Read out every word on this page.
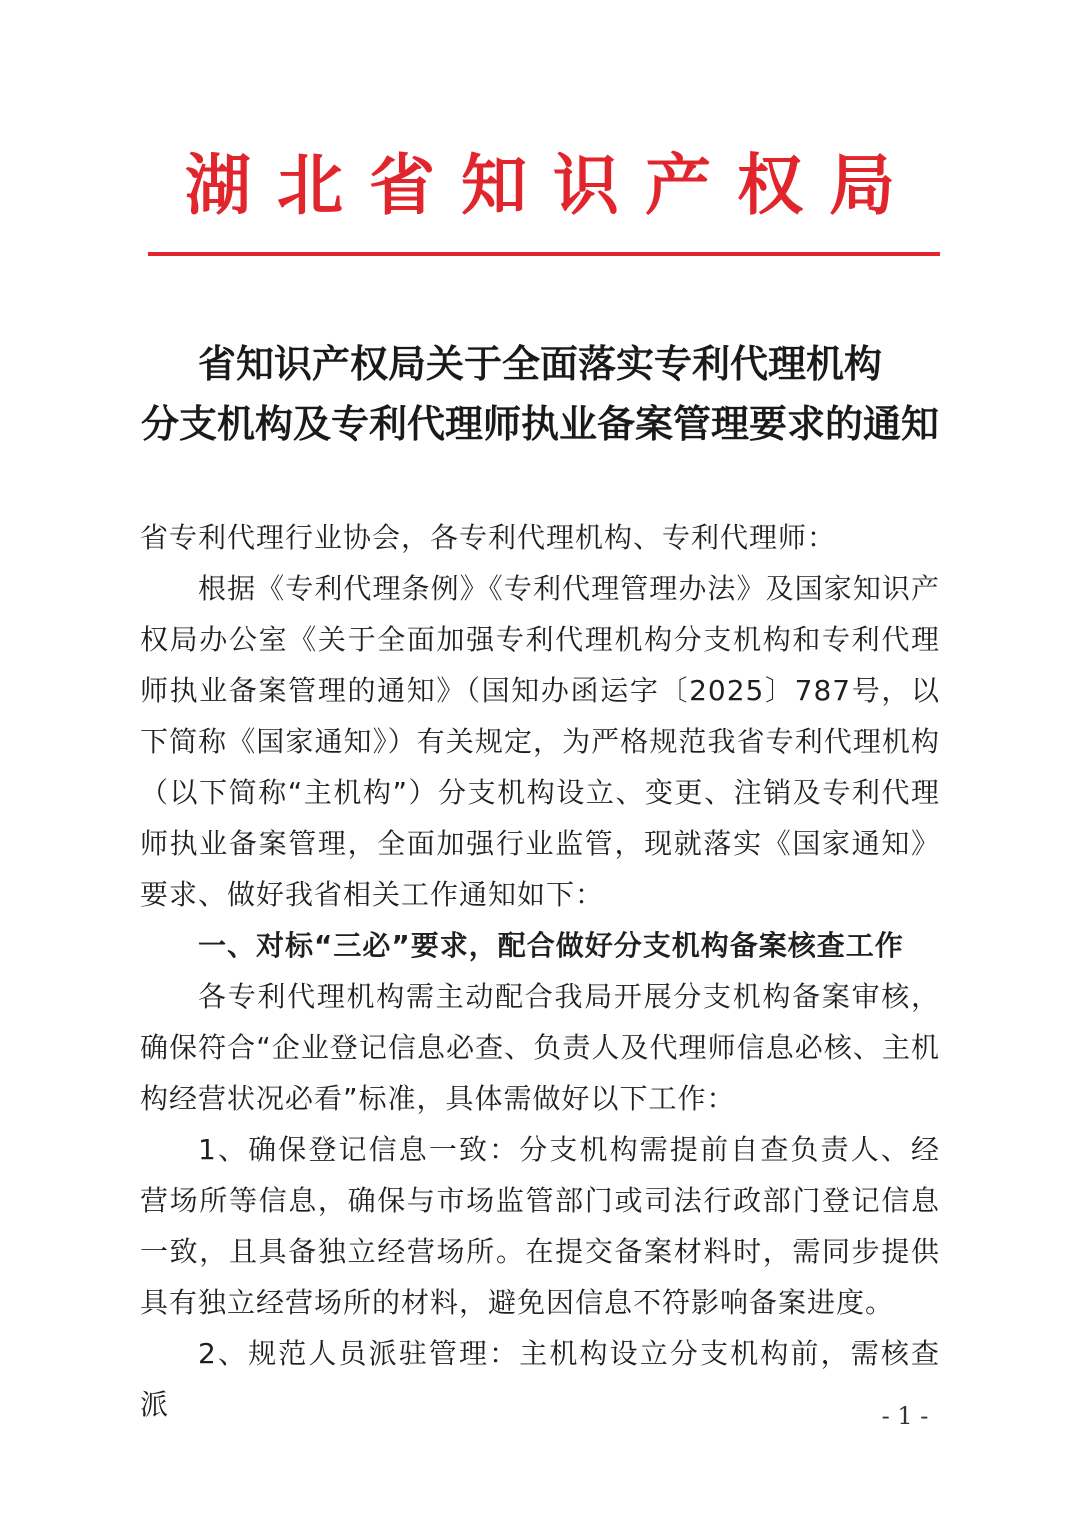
湖北省知识产权局
省知识产权局关于全面落实专利代理机构
分支机构及专利代理师执业备案管理要求的通知

省专利代理行业协会，各专利代理机构、专利代理师：

根据《专利代理条例》《专利代理管理办法》及国家知识产权局办公室《关于全面加强专利代理机构分支机构和专利代理师执业备案管理的通知》（国知办函运字〔2025〕787号，以下简称《国家通知》）有关规定，为严格规范我省专利代理机构（以下简称“主机构”）分支机构设立、变更、注销及专利代理师执业备案管理，全面加强行业监管，现就落实《国家通知》要求、做好我省相关工作通知如下：

一、对标“三必”要求，配合做好分支机构备案核查工作

各专利代理机构需主动配合我局开展分支机构备案审核，确保符合“企业登记信息必查、负责人及代理师信息必核、主机构经营状况必看”标准，具体需做好以下工作：

1、确保登记信息一致：分支机构需提前自查负责人、经营场所等信息，确保与市场监管部门或司法行政部门登记信息一致，且具备独立经营场所。在提交备案材料时，需同步提供具有独立经营场所的材料，避免因信息不符影响备案进度。

2、规范人员派驻管理：主机构设立分支机构前，需核查派	- 1 -
